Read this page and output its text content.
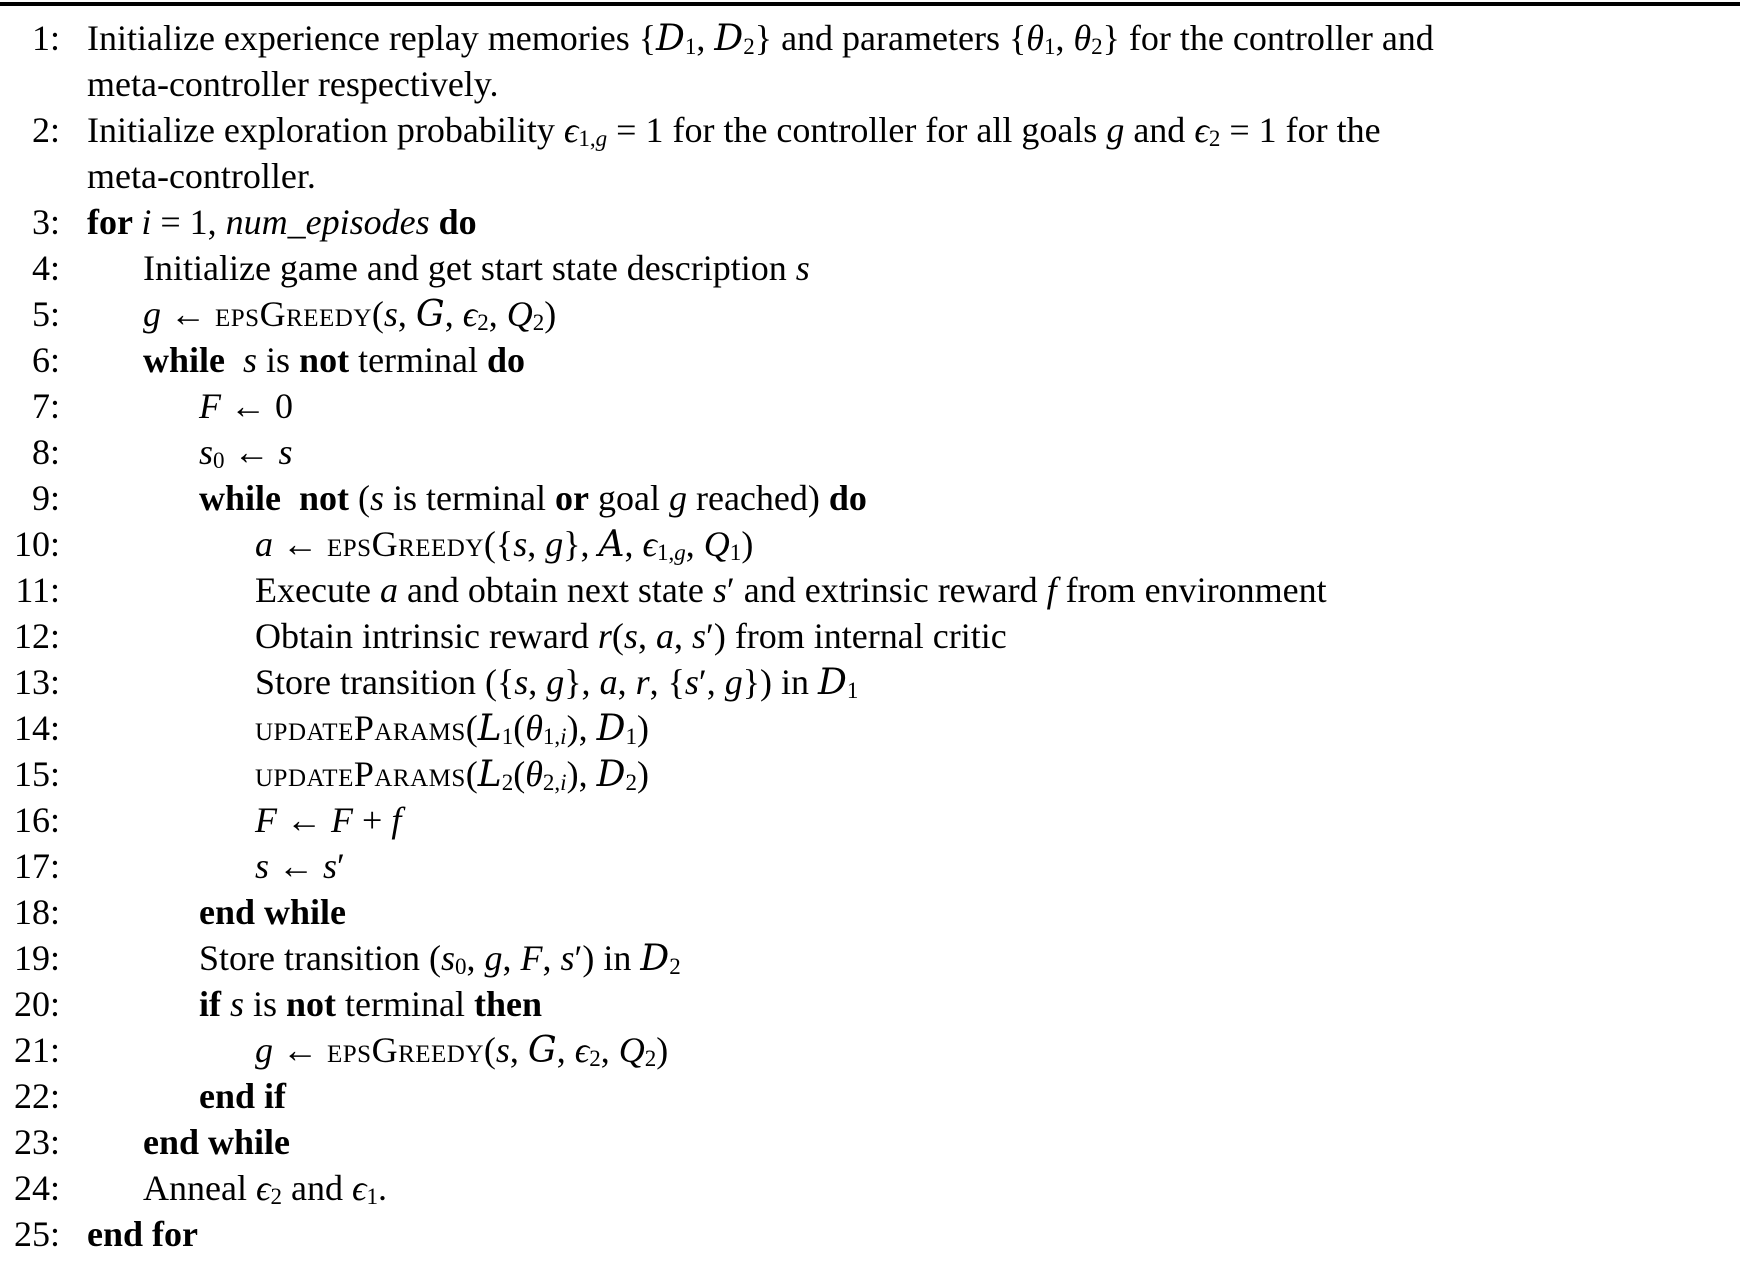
1: Initialize experience replay memories {D1, D2} and parameters {θ1, θ2} for the controller and
meta-controller respectively.
2: Initialize exploration probability ϵ1,g = 1 for the controller for all goals g and ϵ2 = 1 for the
meta-controller.
3: for i = 1, num_episodes do
4:	Initialize game and get start state description s
5:	g ← epsGreedy(s, G, ϵ2, Q2)
6:	while  s is not terminal do
7:	F ← 0
8:	s0 ← s
9:	while  not (s is terminal or goal g reached) do
10:	a ← epsGreedy({s, g}, A, ϵ1,g, Q1)
11:	Execute a and obtain next state s′ and extrinsic reward f from environment
12:	Obtain intrinsic reward r(s, a, s′) from internal critic
13:	Store transition ({s, g}, a, r, {s′, g}) in D1
14:	updateParams(L1(θ1,i), D1)
15:	updateParams(L2(θ2,i), D2)
16:	F ← F + f
17:	s ← s′
18:	end while
19:	Store transition (s0, g, F, s′) in D2
20:	if s is not terminal then
21:	g ← epsGreedy(s, G, ϵ2, Q2)
22:	end if
23:	end while
24:	Anneal ϵ2 and ϵ1.
25: end for
